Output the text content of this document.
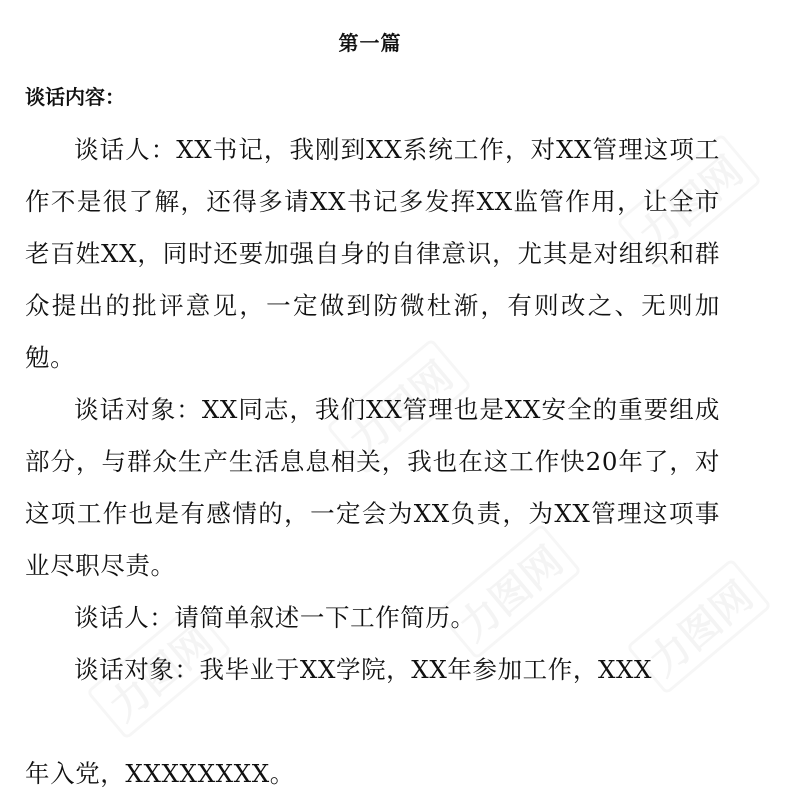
第一篇
谈话内容：

谈话人：XX书记，我刚到XX系统工作，对XX管理这项工作不是很了解，还得多请XX书记多发挥XX监管作用，让全市老百姓XX，同时还要加强自身的自律意识，尤其是对组织和群众提出的批评意见，一定做到防微杜渐，有则改之、无则加勉。

谈话对象：XX同志，我们XX管理也是XX安全的重要组成部分，与群众生产生活息息相关，我也在这工作快20年了，对这项工作也是有感情的，一定会为XX负责，为XX管理这项事业尽职尽责。

谈话人：请简单叙述一下工作简历。

谈话对象：我毕业于XX学院，XX年参加工作，XXX

年入党，XXXXXXXX。
